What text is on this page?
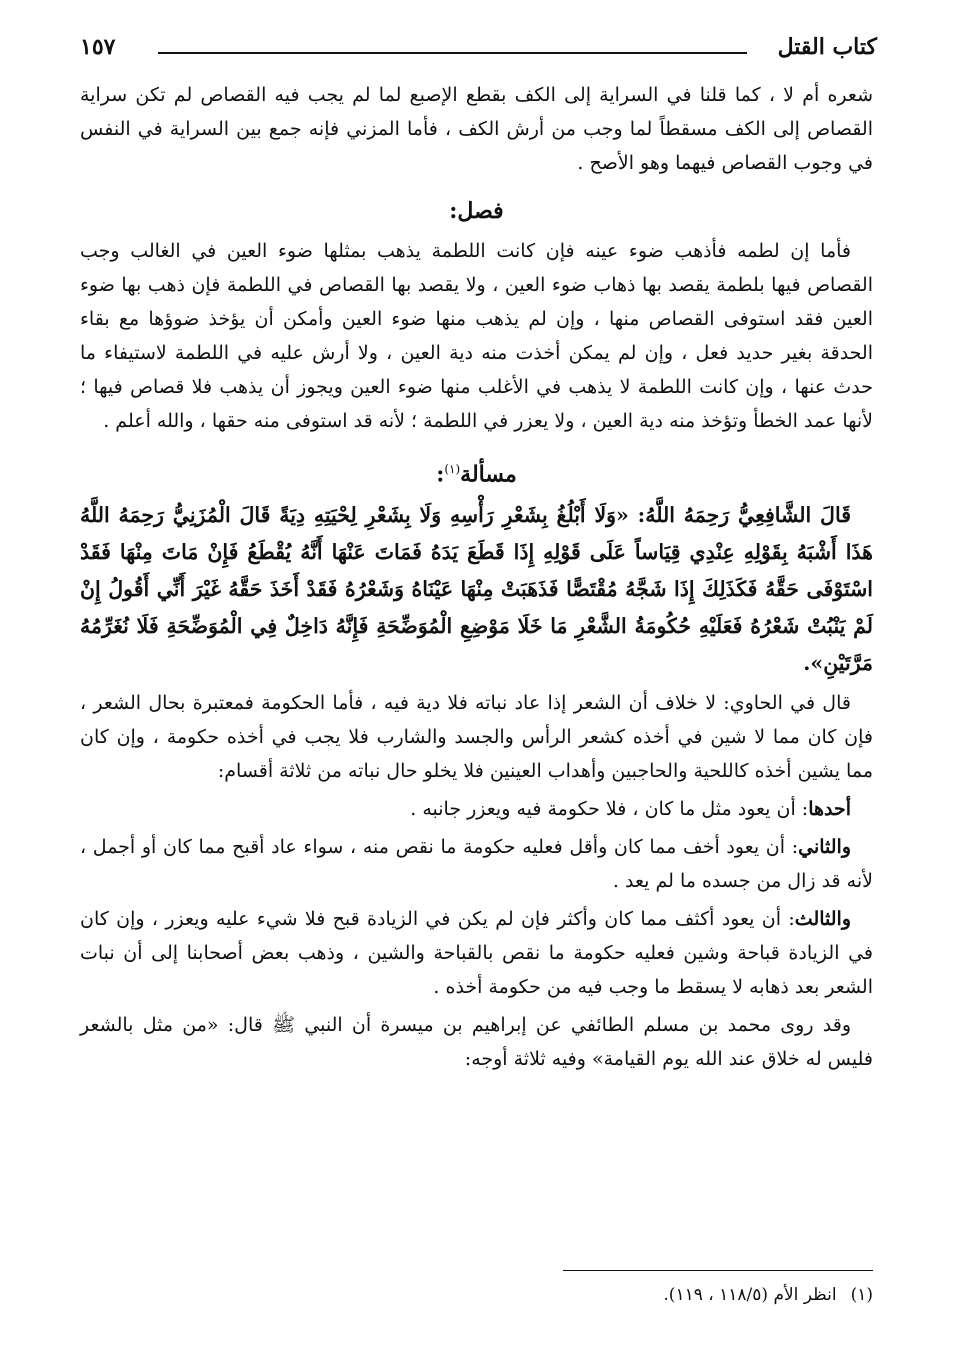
كتاب القتل
١٥٧

شعره أم لا ، كما قلنا في السراية إلى الكف بقطع الإصبع لما لم يجب فيه القصاص لم تكن سراية القصاص إلى الكف مسقطاً لما وجب من أرش الكف ، فأما المزني فإنه جمع بين السراية في النفس في وجوب القصاص فيهما وهو الأصح .

فصل:

فأما إن لطمه فأذهب ضوء عينه فإن كانت اللطمة يذهب بمثلها ضوء العين في الغالب وجب القصاص فيها بلطمة يقصد بها ذهاب ضوء العين ، ولا يقصد بها القصاص في اللطمة فإن ذهب بها ضوء العين فقد استوفى القصاص منها ، وإن لم يذهب منها ضوء العين وأمكن أن يؤخذ ضوؤها مع بقاء الحدقة بغير حديد فعل ، وإن لم يمكن أخذت منه دية العين ، ولا أرش عليه في اللطمة لاستيفاء ما حدث عنها ، وإن كانت اللطمة لا يذهب في الأغلب منها ضوء العين ويجوز أن يذهب فلا قصاص فيها ؛ لأنها عمد الخطأ وتؤخذ منه دية العين ، ولا يعزر في اللطمة ؛ لأنه قد استوفى منه حقها ، والله أعلم .

مسألة$^{(١)}$:

قَالَ الشَّافِعِيُّ رَحِمَهُ اللَّهُ: «وَلَا أَبْلُغُ بِشَعْرِ رَأْسِهِ وَلَا بِشَعْرِ لِحْيَتِهِ دِيَةً قَالَ الْمُزَنِيُّ رَحِمَهُ اللَّهُ هَذَا أَشْبَهُ بِقَوْلِهِ عِنْدِي قِيَاساً عَلَى قَوْلِهِ إِذَا قَطَعَ يَدَهُ فَمَاتَ عَنْهَا أَنَّهُ يُقْطَعُ فَإِنْ مَاتَ مِنْهَا فَقَدْ اسْتَوْفَى حَقَّهُ فَكَذَلِكَ إِذَا شَجَّهُ مُقْتَصًّا فَذَهَبَتْ مِنْهَا عَيْنَاهُ وَشَعْرُهُ فَقَدْ أَخَذَ حَقَّهُ غَيْرَ أَنِّي أَقُولُ إِنْ لَمْ يَنْبُتْ شَعْرُهُ فَعَلَيْهِ حُكُومَةُ الشَّعْرِ مَا خَلَا مَوْضِعِ الْمُوَضِّحَةِ فَإِنَّهُ دَاخِلٌ فِي الْمُوَضِّحَةِ فَلَا نُغَرِّمُهُ مَرَّتَيْنِ».

قال في الحاوي: لا خلاف أن الشعر إذا عاد نباته فلا دية فيه ، فأما الحكومة فمعتبرة بحال الشعر ، فإن كان مما لا شين في أخذه كشعر الرأس والجسد والشارب فلا يجب في أخذه حكومة ، وإن كان مما يشين أخذه كاللحية والحاجبين وأهداب العينين فلا يخلو حال نباته من ثلاثة أقسام:

أحدها: أن يعود مثل ما كان ، فلا حكومة فيه ويعزر جانبه .

والثاني: أن يعود أخف مما كان وأقل فعليه حكومة ما نقص منه ، سواء عاد أقبح مما كان أو أجمل ، لأنه قد زال من جسده ما لم يعد .

والثالث: أن يعود أكثف مما كان وأكثر فإن لم يكن في الزيادة قبح فلا شيء عليه ويعزر ، وإن كان في الزيادة قباحة وشين فعليه حكومة ما نقص بالقباحة والشين ، وذهب بعض أصحابنا إلى أن نبات الشعر بعد ذهابه لا يسقط ما وجب فيه من حكومة أخذه .

وقد روى محمد بن مسلم الطائفي عن إبراهيم بن ميسرة أن النبي ﷺ قال: «من مثل بالشعر فليس له خلاق عند الله يوم القيامة» وفيه ثلاثة أوجه:

(١)انظر الأم (١١٨/٥ ، ١١٩).
